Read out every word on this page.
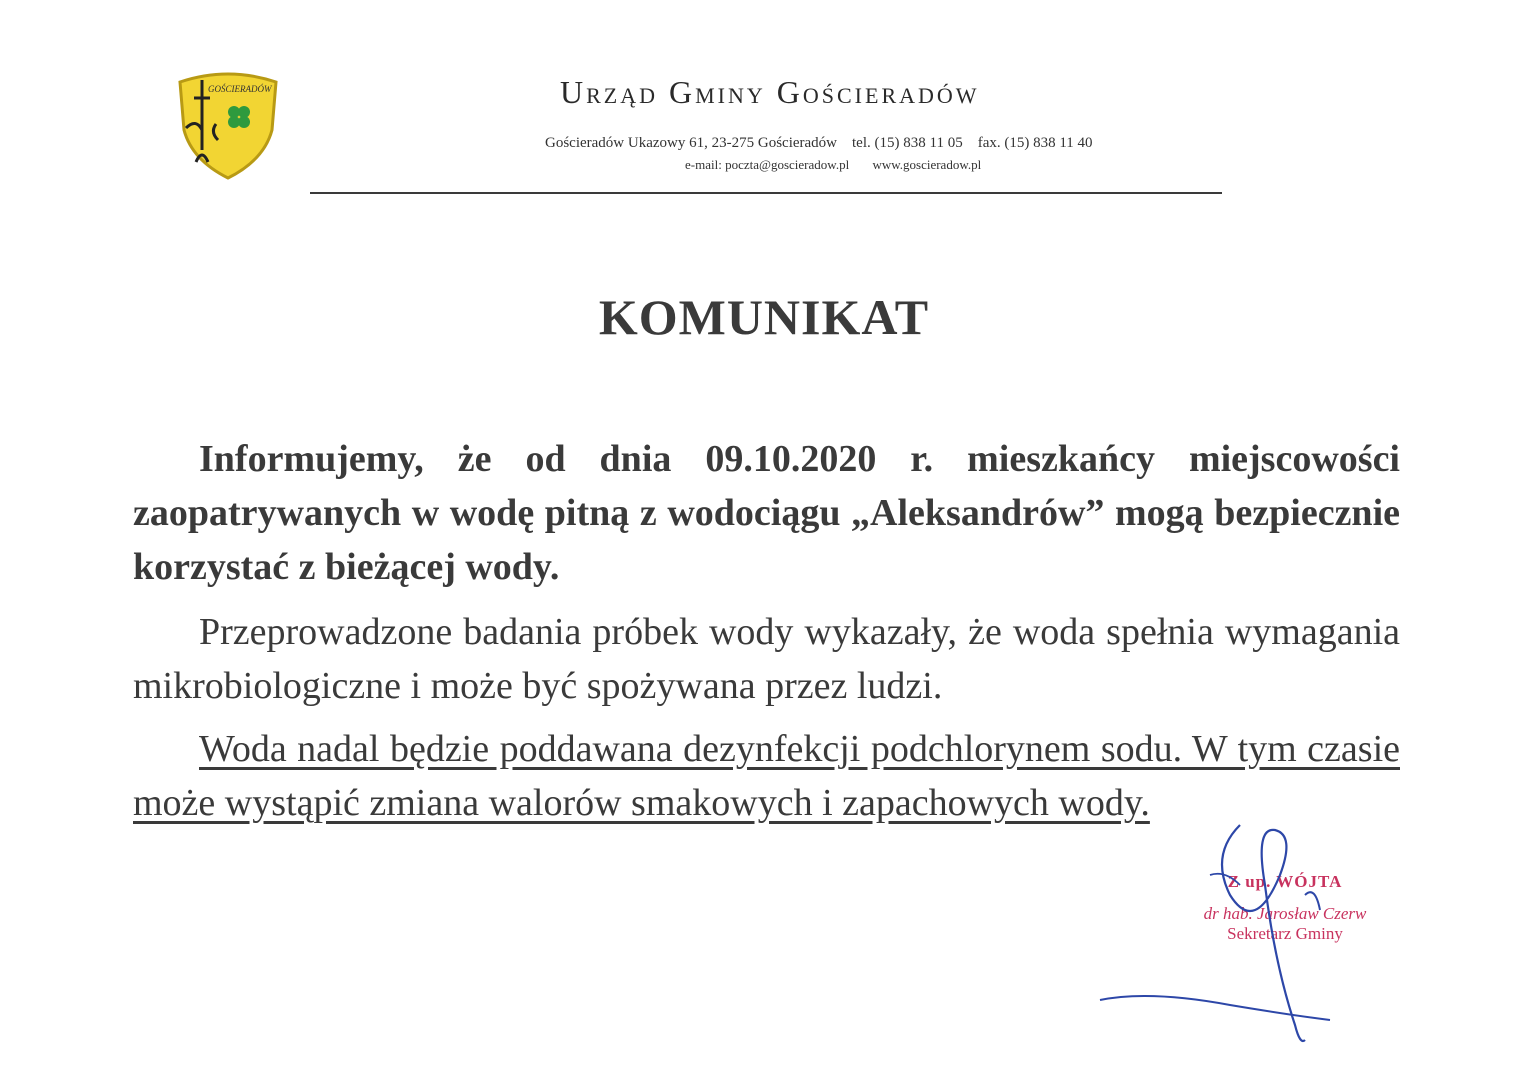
GOŚCIERADÓW	Urząd Gminy Gościeradów
Gościeradów Ukazowy 61, 23-275 Gościeradów tel. (15) 838 11 05 fax. (15) 838 11 40
e-mail: poczta@goscieradow.pl www.goscieradow.pl
KOMUNIKAT

Informujemy, że od dnia 09.10.2020 r. mieszkańcy miejscowości zaopatrywanych w wodę pitną z wodociągu „Aleksandrów” mogą bezpiecznie korzystać z bieżącej wody.

Przeprowadzone badania próbek wody wykazały, że woda spełnia wymagania mikrobiologiczne i może być spożywana przez ludzi.

Woda nadal będzie poddawana dezynfekcji podchlorynem sodu. W tym czasie może wystąpić zmiana walorów smakowych i zapachowych wody.

Z up. WÓJTA
dr hab. Jarosław Czerw
Sekretarz Gminy
